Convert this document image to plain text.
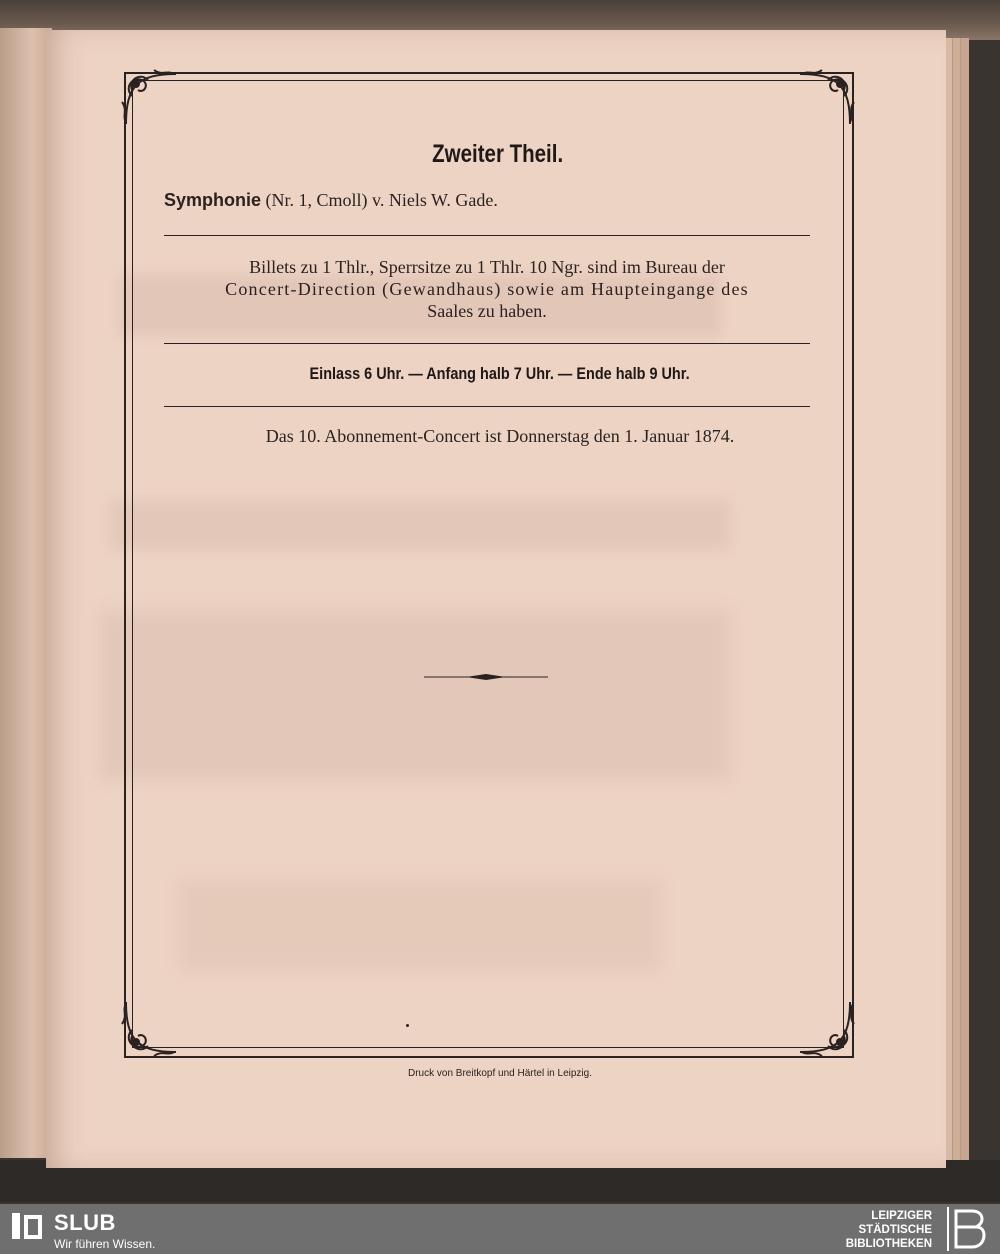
Zweiter Theil.
Symphonie (Nr. 1, Cmoll) v. Niels W. Gade.
Billets zu 1 Thlr., Sperrsitze zu 1 Thlr. 10 Ngr. sind im Bureau der
Concert-Direction (Gewandhaus) sowie am Haupteingange des
Saales zu haben.
Einlass 6 Uhr. — Anfang halb 7 Uhr. — Ende halb 9 Uhr.
Das 10. Abonnement-Concert ist Donnerstag den 1. Januar 1874.
Druck von Breitkopf und Härtel in Leipzig.
SLUB
Wir führen Wissen.
LEIPZIGER
STÄDTISCHE
BIBLIOTHEKEN
